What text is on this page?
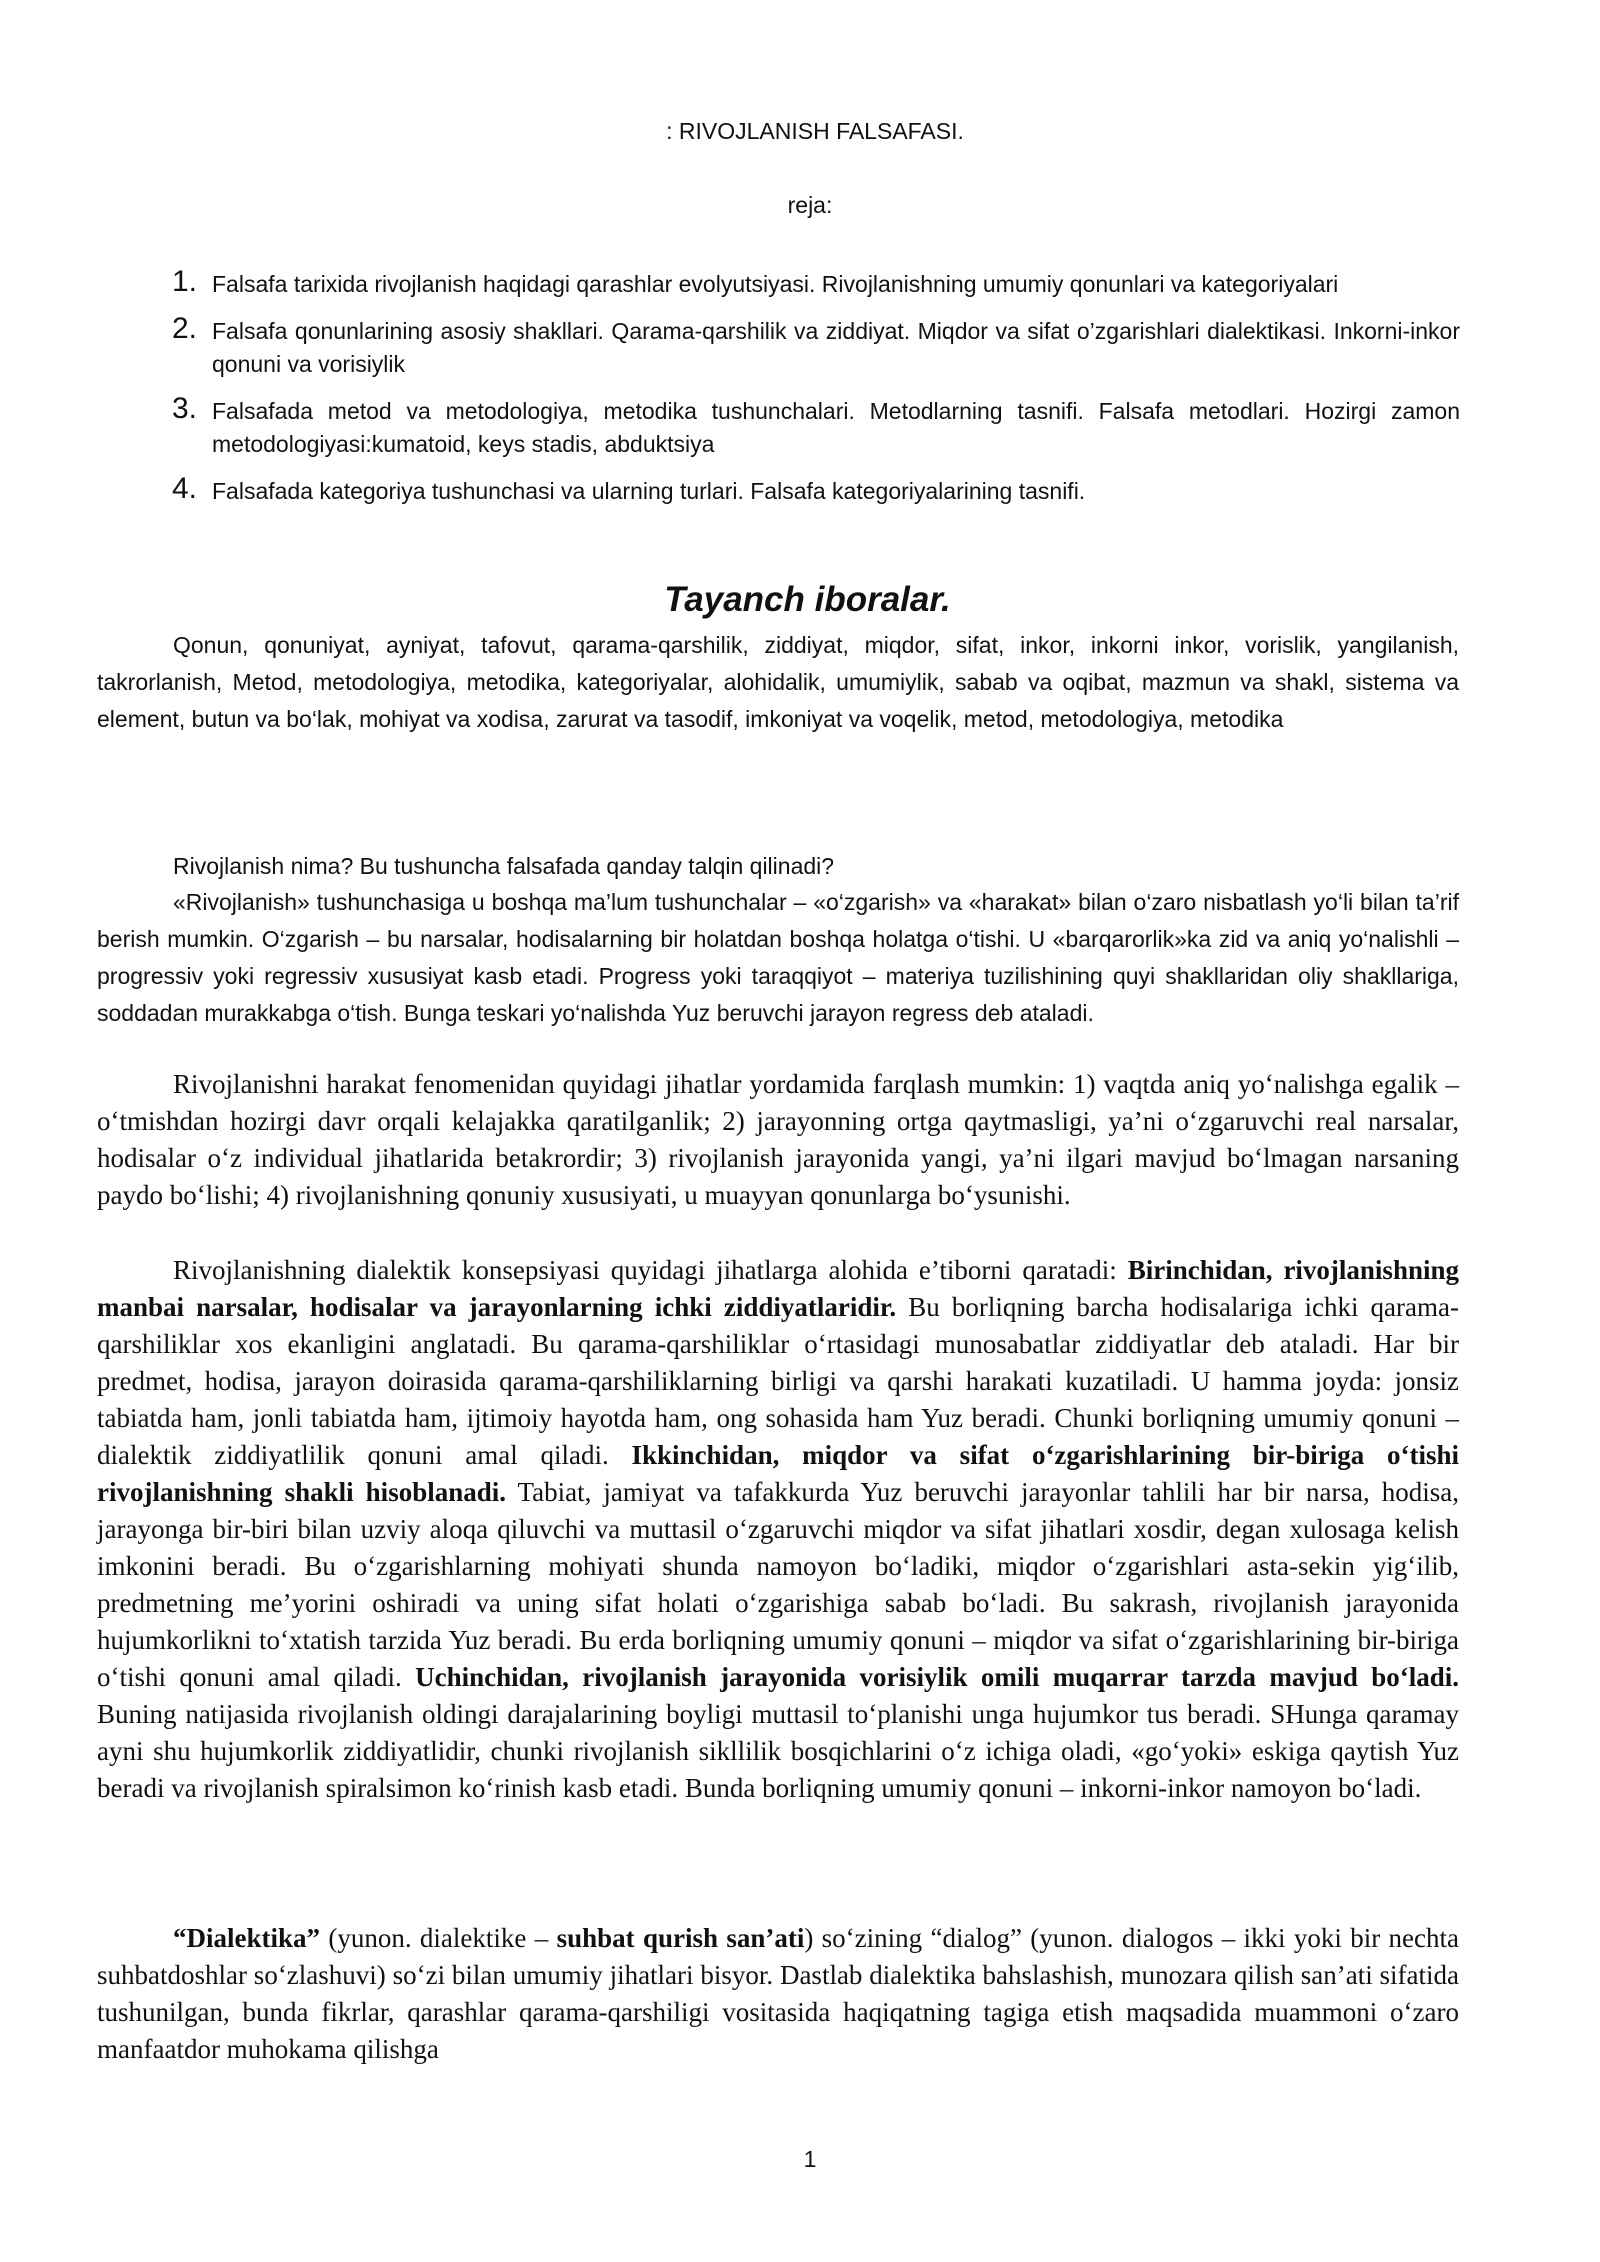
: RIVOJLANISH FALSAFASI.
reja:
1. Falsafa tarixida rivojlanish haqidagi qarashlar evolyutsiyasi. Rivojlanishning umumiy qonunlari va kategoriyalari
2. Falsafa qonunlarining asosiy shakllari. Qarama-qarshilik va ziddiyat. Miqdor va sifat o’zgarishlari dialektikasi. Inkorni-inkor qonuni va vorisiylik
3. Falsafada metod va metodologiya, metodika tushunchalari. Metodlarning tasnifi. Falsafa metodlari. Hozirgi zamon metodologiyasi:kumatoid, keys stadis, abduktsiya
4. Falsafada kategoriya tushunchasi va ularning turlari. Falsafa kategoriyalarining tasnifi.
Tayanch iboralar.
Qonun, qonuniyat, ayniyat, tafovut, qarama-qarshilik, ziddiyat, miqdor, sifat, inkor, inkorni inkor, vorislik, yangilanish, takrorlanish, Metod, metodologiya, metodika, kategoriyalar, alohidalik, umumiylik, sabab va oqibat, mazmun va shakl, sistema va element, butun va bo‘lak, mohiyat va xodisa, zarurat va tasodif, imkoniyat va voqelik, metod, metodologiya, metodika
Rivojlanish nima? Bu tushuncha falsafada qanday talqin qilinadi?
«Rivojlanish» tushunchasiga u boshqa ma’lum tushunchalar – «o‘zgarish» va «harakat» bilan o‘zaro nisbatlash yo‘li bilan ta’rif berish mumkin. O‘zgarish – bu narsalar, hodisalarning bir holatdan boshqa holatga o‘tishi. U «barqarorlik»ka zid va aniq yo‘nalishli – progressiv yoki regressiv xususiyat kasb etadi. Progress yoki taraqqiyot – materiya tuzilishining quyi shakllaridan oliy shakllariga, soddadan murakkabga o‘tish. Bunga teskari yo‘nalishda Yuz beruvchi jarayon regress deb ataladi.
Rivojlanishni harakat fenomenidan quyidagi jihatlar yordamida farqlash mumkin: 1) vaqtda aniq yo‘nalishga egalik – o‘tmishdan hozirgi davr orqali kelajakka qaratilganlik; 2) jarayonning ortga qaytmasligi, ya’ni o‘zgaruvchi real narsalar, hodisalar o‘z individual jihatlarida betakrordir; 3) rivojlanish jarayonida yangi, ya’ni ilgari mavjud bo‘lmagan narsaning paydo bo‘lishi; 4) rivojlanishning qonuniy xususiyati, u muayyan qonunlarga bo‘ysunishi.
Rivojlanishning dialektik konsepsiyasi quyidagi jihatlarga alohida e’tiborni qaratadi: Birinchidan, rivojlanishning manbai narsalar, hodisalar va jarayonlarning ichki ziddiyatlaridir. Bu borliqning barcha hodisalariga ichki qarama-qarshiliklar xos ekanligini anglatadi. Bu qarama-qarshiliklar o‘rtasidagi munosabatlar ziddiyatlar deb ataladi. Har bir predmet, hodisa, jarayon doirasida qarama-qarshiliklarning birligi va qarshi harakati kuzatiladi. U hamma joyda: jonsiz tabiatda ham, jonli tabiatda ham, ijtimoiy hayotda ham, ong sohasida ham Yuz beradi. Chunki borliqning umumiy qonuni – dialektik ziddiyatlilik qonuni amal qiladi. Ikkinchidan, miqdor va sifat o‘zgarishlarining bir-biriga o‘tishi rivojlanishning shakli hisoblanadi. Tabiat, jamiyat va tafakkurda Yuz beruvchi jarayonlar tahlili har bir narsa, hodisa, jarayonga bir-biri bilan uzviy aloqa qiluvchi va muttasil o‘zgaruvchi miqdor va sifat jihatlari xosdir, degan xulosaga kelish imkonini beradi. Bu o‘zgarishlarning mohiyati shunda namoyon bo‘ladiki, miqdor o‘zgarishlari asta-sekin yig‘ilib, predmetning me’yorini oshiradi va uning sifat holati o‘zgarishiga sabab bo‘ladi. Bu sakrash, rivojlanish jarayonida hujumkorlikni to‘xtatish tarzida Yuz beradi. Bu erda borliqning umumiy qonuni – miqdor va sifat o‘zgarishlarining bir-biriga o‘tishi qonuni amal qiladi. Uchinchidan, rivojlanish jarayonida vorisiylik omili muqarrar tarzda mavjud bo‘ladi. Buning natijasida rivojlanish oldingi darajalarining boyligi muttasil to‘planishi unga hujumkor tus beradi. SHunga qaramay ayni shu hujumkorlik ziddiyatlidir, chunki rivojlanish sikllilik bosqichlarini o‘z ichiga oladi, «go‘yoki» eskiga qaytish Yuz beradi va rivojlanish spiralsimon ko‘rinish kasb etadi. Bunda borliqning umumiy qonuni – inkorni-inkor namoyon bo‘ladi.
“Dialektika” (yunon. dialektike – suhbat qurish san’ati) so‘zining “dialog” (yunon. dialogos – ikki yoki bir nechta suhbatdoshlar so‘zlashuvi) so‘zi bilan umumiy jihatlari bisyor. Dastlab dialektika bahslashish, munozara qilish san’ati sifatida tushunilgan, bunda fikrlar, qarashlar qarama-qarshiligi vositasida haqiqatning tagiga etish maqsadida muammoni o‘zaro manfaatdor muhokama qilishga
1
